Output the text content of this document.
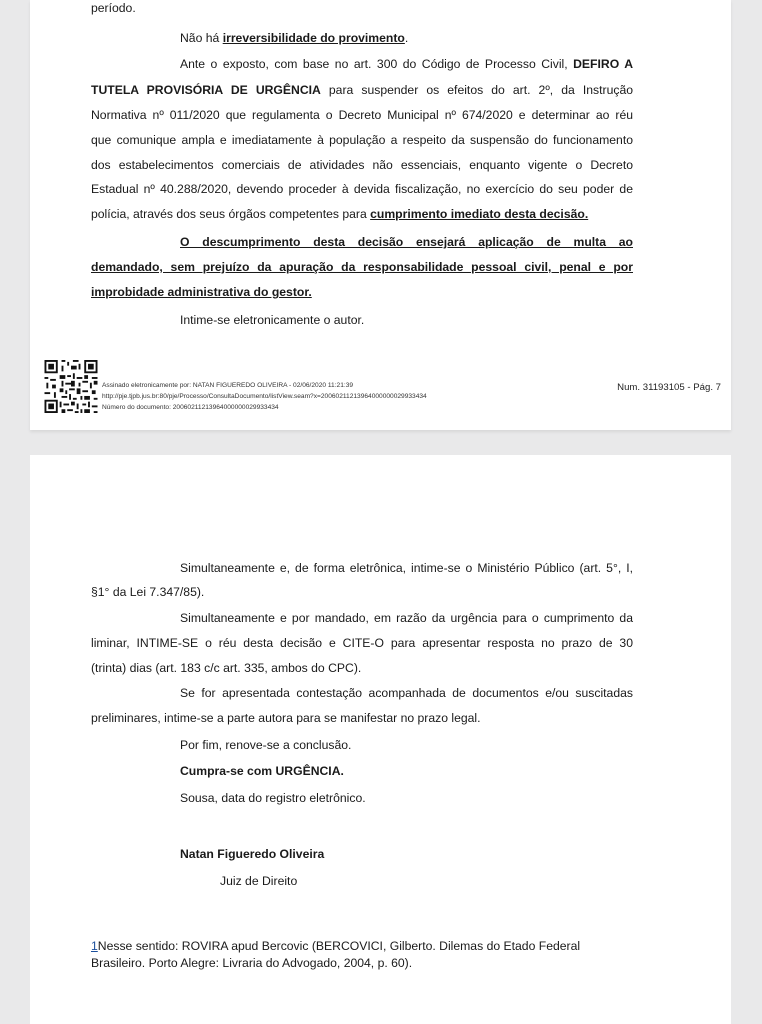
período.
Não há irreversibilidade do provimento.
Ante o exposto, com base no art. 300 do Código de Processo Civil, DEFIRO A
TUTELA PROVISÓRIA DE URGÊNCIA para suspender os efeitos do art. 2º, da Instrução
Normativa nº 011/2020 que regulamenta o Decreto Municipal nº 674/2020 e determinar ao réu
que comunique ampla e imediatamente à população a respeito da suspensão do funcionamento
dos estabelecimentos comerciais de atividades não essenciais, enquanto vigente o Decreto
Estadual nº 40.288/2020, devendo proceder à devida fiscalização, no exercício do seu poder de
polícia, através dos seus órgãos competentes para cumprimento imediato desta decisão.
O descumprimento desta decisão ensejará aplicação de multa ao
demandado, sem prejuízo da apuração da responsabilidade pessoal civil, penal e por
improbidade administrativa do gestor.
Intime-se eletronicamente o autor.
Assinado eletronicamente por: NATAN FIGUEREDO OLIVEIRA - 02/06/2020 11:21:39
http://pje.tjpb.jus.br:80/pje/Processo/ConsultaDocumento/listView.seam?x=20060211213964000000029933434
Número do documento: 20060211213964000000029933434
Num. 31193105 - Pág. 7
Simultaneamente e, de forma eletrônica, intime-se o Ministério Público (art. 5°, I,
§1° da Lei 7.347/85).
Simultaneamente e por mandado, em razão da urgência para o cumprimento da
liminar, INTIME-SE o réu desta decisão e CITE-O para apresentar resposta no prazo de 30
(trinta) dias (art. 183 c/c art. 335, ambos do CPC).
Se for apresentada contestação acompanhada de documentos e/ou suscitadas
preliminares, intime-se a parte autora para se manifestar no prazo legal.
Por fim, renove-se a conclusão.
Cumpra-se com URGÊNCIA.
Sousa, data do registro eletrônico.
Natan Figueredo Oliveira
Juiz de Direito
1Nesse sentido: ROVIRA apud Bercovic (BERCOVICI, Gilberto. Dilemas do Etado Federal
Brasileiro. Porto Alegre: Livraria do Advogado, 2004, p. 60).
